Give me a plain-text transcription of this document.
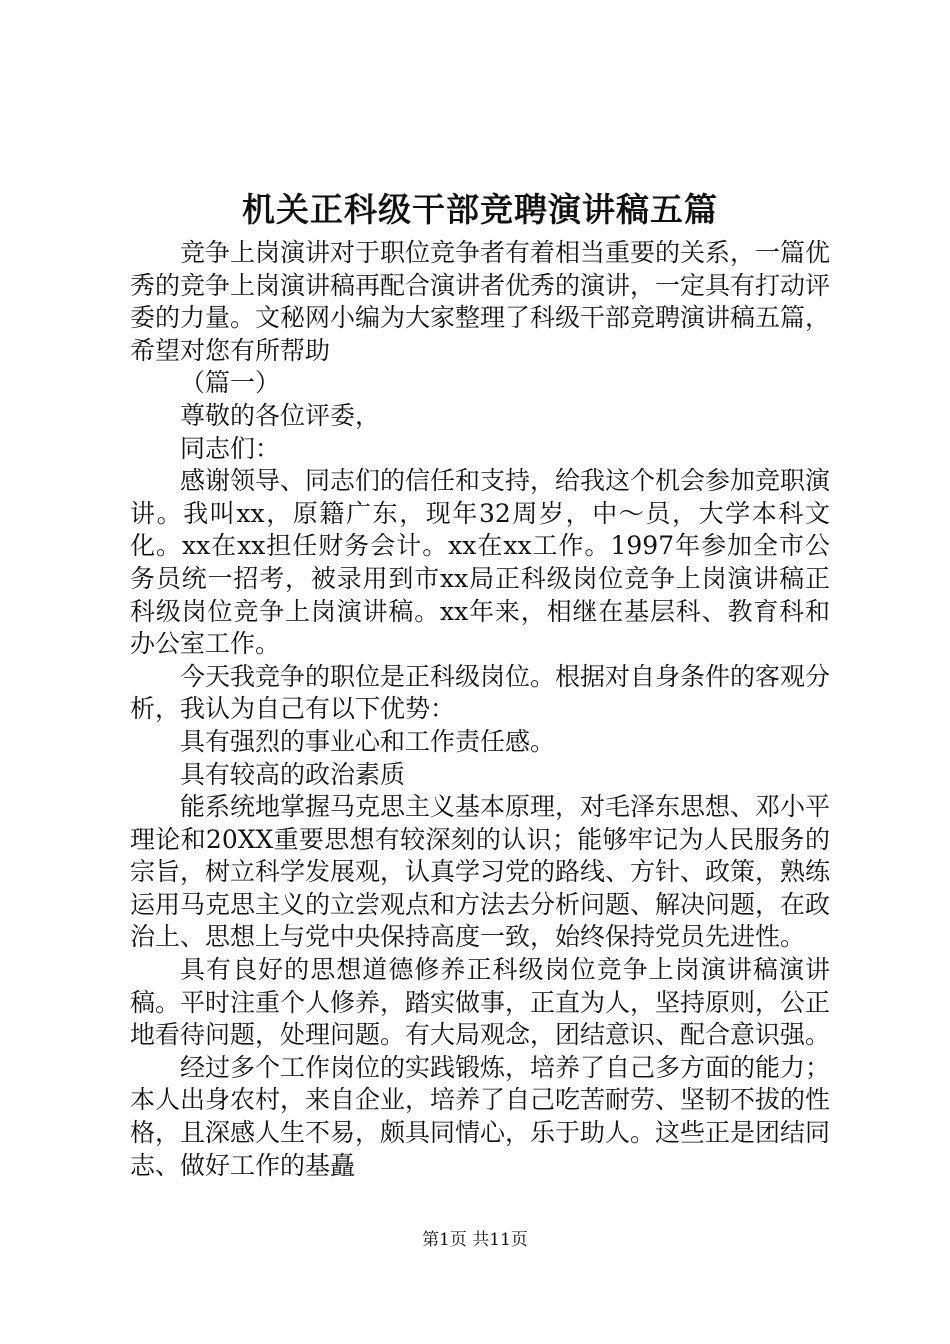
机关正科级干部竞聘演讲稿五篇

竞争上岗演讲对于职位竞争者有着相当重要的关系，一篇优秀的竞争上岗演讲稿再配合演讲者优秀的演讲，一定具有打动评委的力量。文秘网小编为大家整理了科级干部竞聘演讲稿五篇，希望对您有所帮助

（篇一）

尊敬的各位评委，

同志们：

感谢领导、同志们的信任和支持，给我这个机会参加竞职演讲。我叫xx，原籍广东，现年32周岁，中～员，大学本科文化。xx在xx担任财务会计。xx在xx工作。1997年参加全市公务员统一招考，被录用到市xx局正科级岗位竞争上岗演讲稿正科级岗位竞争上岗演讲稿。xx年来，相继在基层科、教育科和办公室工作。

今天我竞争的职位是正科级岗位。根据对自身条件的客观分析，我认为自己有以下优势：

具有强烈的事业心和工作责任感。

具有较高的政治素质

能系统地掌握马克思主义基本原理，对毛泽东思想、邓小平理论和20XX重要思想有较深刻的认识；能够牢记为人民服务的宗旨，树立科学发展观，认真学习党的路线、方针、政策，熟练运用马克思主义的立尝观点和方法去分析问题、解决问题，在政治上、思想上与党中央保持高度一致，始终保持党员先进性。

具有良好的思想道德修养正科级岗位竞争上岗演讲稿演讲稿。平时注重个人修养，踏实做事，正直为人，坚持原则，公正地看待问题，处理问题。有大局观念，团结意识、配合意识强。

经过多个工作岗位的实践锻炼，培养了自己多方面的能力；本人出身农村，来自企业，培养了自己吃苦耐劳、坚韧不拔的性格，且深感人生不易，颇具同情心，乐于助人。这些正是团结同志、做好工作的基矗

第1页 共11页
